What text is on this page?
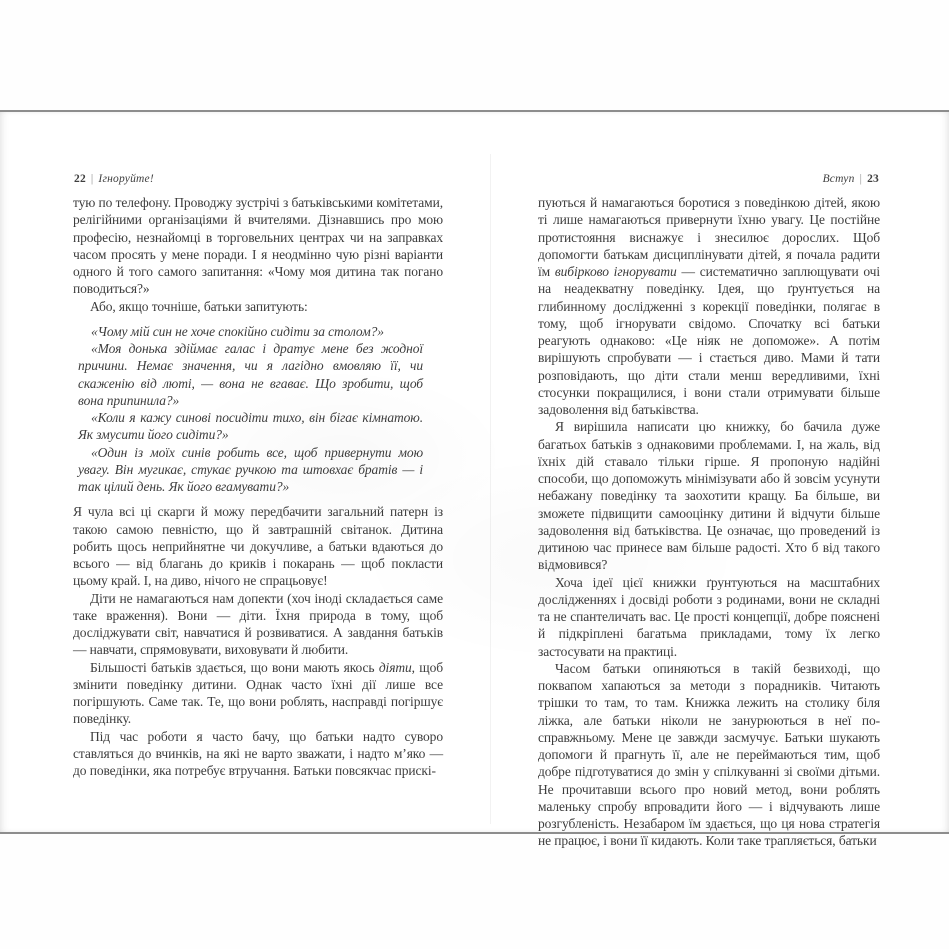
22 | Ігноруйте!	Вступ | 23

тую по телефону. Проводжу зустрічі з батьківськими комітетами, релігійними організаціями й вчителями. Дізнавшись про мою професію, незнайомці в торговельних центрах чи на заправках часом просять у мене поради. І я неодмінно чую різні варіанти одного й того самого запитання: «Чому моя дитина так погано поводиться?»

Або, якщо точніше, батьки запитують:

«Чому мій син не хоче спокійно сидіти за столом?»

«Моя донька здіймає галас і дратує мене без жодної причини. Немає значення, чи я лагідно вмовляю її, чи скаженію від люті, — вона не вгаває. Що зробити, щоб вона припинила?»

«Коли я кажу синові посидіти тихо, він бігає кімнатою. Як змусити його сидіти?»

«Один із моїх синів робить все, щоб привернути мою увагу. Він мугикає, стукає ручкою та штовхає братів — і так цілий день. Як його вгамувати?»

Я чула всі ці скарги й можу передбачити загальний патерн із такою самою певністю, що й завтрашній світанок. Дитина робить щось неприйнятне чи докучливе, а батьки вдаються до всього — від благань до криків і покарань — щоб покласти цьому край. І, на диво, нічого не спрацьовує!

Діти не намагаються нам допекти (хоч іноді складається саме таке враження). Вони — діти. Їхня природа в тому, щоб досліджувати світ, навчатися й розвиватися. А завдання батьків — навчати, спрямовувати, виховувати й любити.

Більшості батьків здається, що вони мають якось діяти, щоб змінити поведінку дитини. Однак часто їхні дії лише все погіршують. Саме так. Те, що вони роблять, насправді погіршує поведінку.

Під час роботи я часто бачу, що батьки надто суворо ставляться до вчинків, на які не варто зважати, і надто мʼяко — до поведінки, яка потребує втручання. Батьки повсякчас прискі-

пуються й намагаються боротися з поведінкою дітей, якою ті лише намагаються привернути їхню увагу. Це постійне протистояння виснажує і знесилює дорослих. Щоб допомогти батькам дисциплінувати дітей, я почала радити їм вибірково ігнорувати — систематично заплющувати очі на неадекватну поведінку. Ідея, що ґрунтується на глибинному дослідженні з корекції поведінки, полягає в тому, щоб ігнорувати свідомо. Спочатку всі батьки реагують однаково: «Це ніяк не допоможе». А потім вирішують спробувати — і стається диво. Мами й тати розповідають, що діти стали менш вередливими, їхні стосунки покращилися, і вони стали отримувати більше задоволення від батьківства.

Я вирішила написати цю книжку, бо бачила дуже багатьох батьків з однаковими проблемами. І, на жаль, від їхніх дій ставало тільки гірше. Я пропоную надійні способи, що допоможуть мінімізувати або й зовсім усунути небажану поведінку та заохотити кращу. Ба більше, ви зможете підвищити самооцінку дитини й відчути більше задоволення від батьківства. Це означає, що проведений із дитиною час принесе вам більше радості. Хто б від такого відмовився?

Хоча ідеї цієї книжки ґрунтуються на масштабних дослідженнях і досвіді роботи з родинами, вони не складні та не спантеличать вас. Це прості концепції, добре пояснені й підкріплені багатьма прикладами, тому їх легко застосувати на практиці.

Часом батьки опиняються в такій безвиході, що поквапом хапаються за методи з порадників. Читають трішки то там, то там. Книжка лежить на столику біля ліжка, але батьки ніколи не занурюються в неї по-справжньому. Мене це завжди засмучує. Батьки шукають допомоги й прагнуть її, але не переймаються тим, щоб добре підготуватися до змін у спілкуванні зі своїми дітьми. Не прочитавши всього про новий метод, вони роблять маленьку спробу впровадити його — і відчувають лише розгубленість. Незабаром їм здається, що ця нова стратегія не працює, і вони її кидають. Коли таке трапляється, батьки
